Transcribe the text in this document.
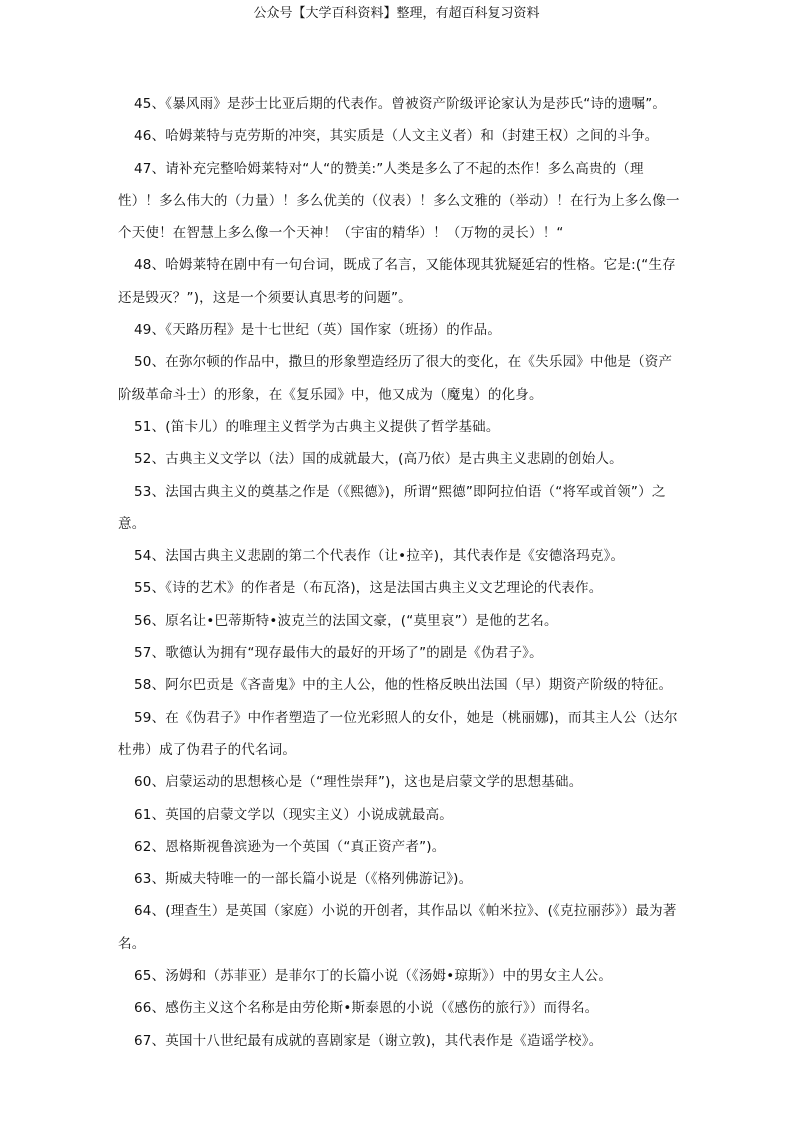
公众号【大学百科资料】整理，有超百科复习资料

45、《暴风雨》是莎士比亚后期的代表作。曾被资产阶级评论家认为是莎氏“诗的遗嘱”。

46、哈姆莱特与克劳斯的冲突，其实质是（人文主义者）和（封建王权）之间的斗争。

47、请补充完整哈姆莱特对“人“的赞美:”人类是多么了不起的杰作！多么高贵的（理性）！多么伟大的（力量）！多么优美的（仪表）！多么文雅的（举动）！在行为上多么像一个天使！在智慧上多么像一个天神！（宇宙的精华）！（万物的灵长）！“

48、哈姆莱特在剧中有一句台词，既成了名言，又能体现其犹疑延宕的性格。它是:(“生存还是毁灭？”)，这是一个须要认真思考的问题”。

49、《天路历程》是十七世纪（英）国作家（班扬）的作品。

50、在弥尔顿的作品中，撒旦的形象塑造经历了很大的变化，在《失乐园》中他是（资产阶级革命斗士）的形象，在《复乐园》中，他又成为（魔鬼）的化身。

51、(笛卡儿）的唯理主义哲学为古典主义提供了哲学基础。

52、古典主义文学以（法）国的成就最大，(高乃依）是古典主义悲剧的创始人。

53、法国古典主义的奠基之作是（《熙德》)，所谓“熙德”即阿拉伯语（“将军或首领”）之意。

54、法国古典主义悲剧的第二个代表作（让•拉辛)，其代表作是《安德洛玛克》。

55、《诗的艺术》的作者是（布瓦洛)，这是法国古典主义文艺理论的代表作。

56、原名让•巴蒂斯特•波克兰的法国文豪，(“莫里哀”）是他的艺名。

57、歌德认为拥有“现存最伟大的最好的开场了”的剧是《伪君子》。

58、阿尔巴贡是《吝啬鬼》中的主人公，他的性格反映出法国（早）期资产阶级的特征。

59、在《伪君子》中作者塑造了一位光彩照人的女仆，她是（桃丽娜)，而其主人公（达尔杜弗）成了伪君子的代名词。

60、启蒙运动的思想核心是（“理性崇拜”)，这也是启蒙文学的思想基础。

61、英国的启蒙文学以（现实主义）小说成就最高。

62、恩格斯视鲁滨逊为一个英国（“真正资产者”)。

63、斯威夫特唯一的一部长篇小说是（《格列佛游记》)。

64、(理查生）是英国（家庭）小说的开创者，其作品以《帕米拉》、(《克拉丽莎》）最为著名。

65、汤姆和（苏菲亚）是菲尔丁的长篇小说（《汤姆•琼斯》）中的男女主人公。

66、感伤主义这个名称是由劳伦斯•斯泰恩的小说（《感伤的旅行》）而得名。

67、英国十八世纪最有成就的喜剧家是（谢立敦)，其代表作是《造谣学校》。
